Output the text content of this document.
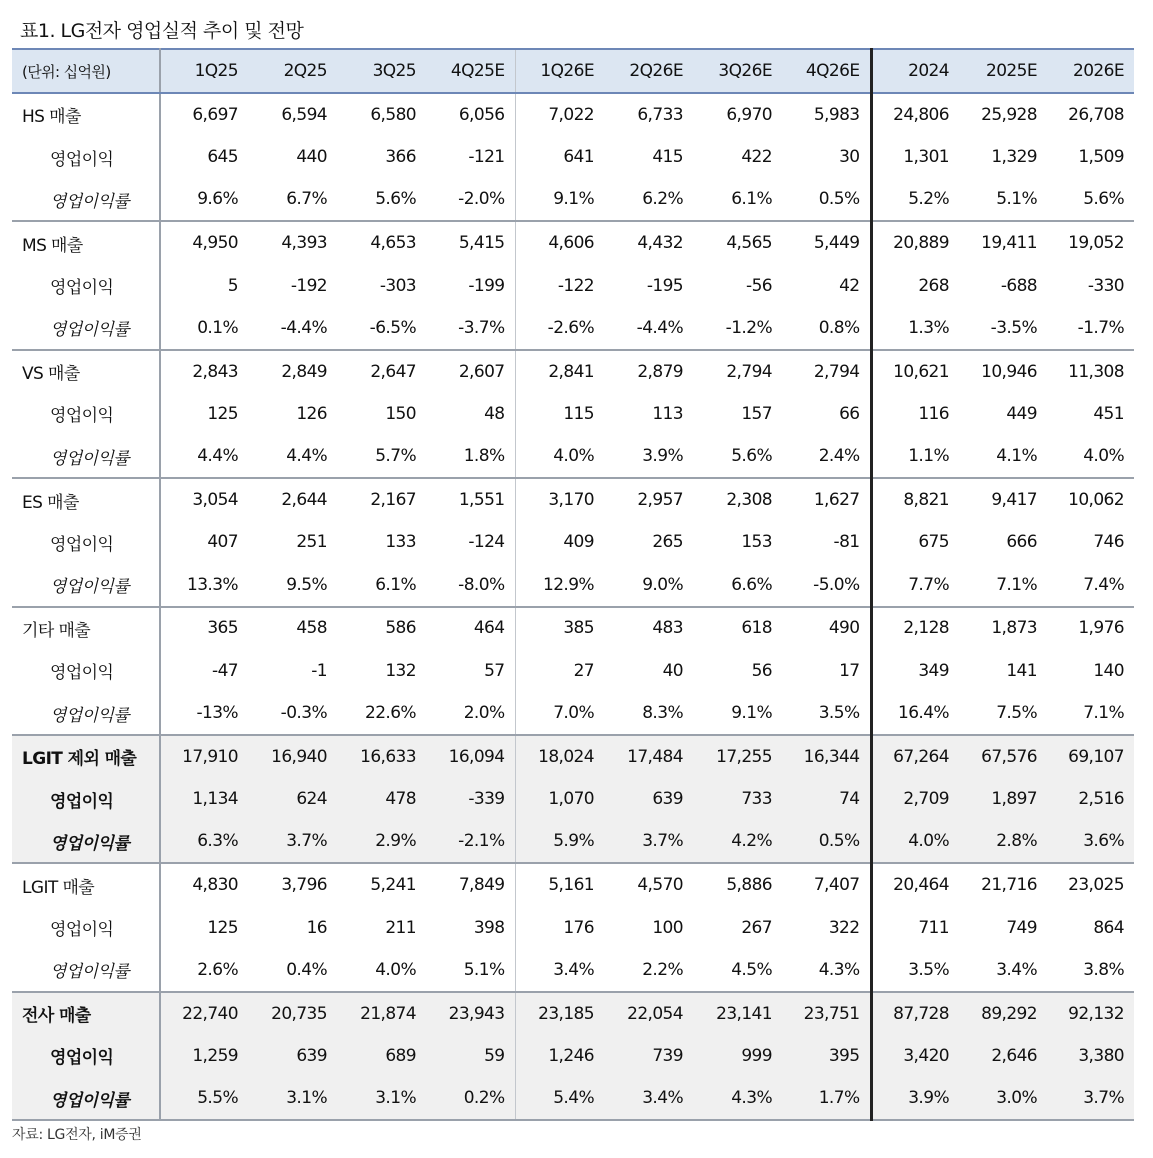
표1. LG전자 영업실적 추이 및 전망
(단위: 십억원)	1Q25	2Q25	3Q25	4Q25E	1Q26E	2Q26E	3Q26E	4Q26E	2024	2025E	2026E
HS 매출	6,697	6,594	6,580	6,056	7,022	6,733	6,970	5,983	24,806	25,928	26,708
영업이익	645	440	366	-121	641	415	422	30	1,301	1,329	1,509
영업이익률	9.6%	6.7%	5.6%	-2.0%	9.1%	6.2%	6.1%	0.5%	5.2%	5.1%	5.6%
MS 매출	4,950	4,393	4,653	5,415	4,606	4,432	4,565	5,449	20,889	19,411	19,052
영업이익	5	-192	-303	-199	-122	-195	-56	42	268	-688	-330
영업이익률	0.1%	-4.4%	-6.5%	-3.7%	-2.6%	-4.4%	-1.2%	0.8%	1.3%	-3.5%	-1.7%
VS 매출	2,843	2,849	2,647	2,607	2,841	2,879	2,794	2,794	10,621	10,946	11,308
영업이익	125	126	150	48	115	113	157	66	116	449	451
영업이익률	4.4%	4.4%	5.7%	1.8%	4.0%	3.9%	5.6%	2.4%	1.1%	4.1%	4.0%
ES 매출	3,054	2,644	2,167	1,551	3,170	2,957	2,308	1,627	8,821	9,417	10,062
영업이익	407	251	133	-124	409	265	153	-81	675	666	746
영업이익률	13.3%	9.5%	6.1%	-8.0%	12.9%	9.0%	6.6%	-5.0%	7.7%	7.1%	7.4%
기타 매출	365	458	586	464	385	483	618	490	2,128	1,873	1,976
영업이익	-47	-1	132	57	27	40	56	17	349	141	140
영업이익률	-13%	-0.3%	22.6%	2.0%	7.0%	8.3%	9.1%	3.5%	16.4%	7.5%	7.1%
LGIT 제외 매출	17,910	16,940	16,633	16,094	18,024	17,484	17,255	16,344	67,264	67,576	69,107
영업이익	1,134	624	478	-339	1,070	639	733	74	2,709	1,897	2,516
영업이익률	6.3%	3.7%	2.9%	-2.1%	5.9%	3.7%	4.2%	0.5%	4.0%	2.8%	3.6%
LGIT 매출	4,830	3,796	5,241	7,849	5,161	4,570	5,886	7,407	20,464	21,716	23,025
영업이익	125	16	211	398	176	100	267	322	711	749	864
영업이익률	2.6%	0.4%	4.0%	5.1%	3.4%	2.2%	4.5%	4.3%	3.5%	3.4%	3.8%
전사 매출	22,740	20,735	21,874	23,943	23,185	22,054	23,141	23,751	87,728	89,292	92,132
영업이익	1,259	639	689	59	1,246	739	999	395	3,420	2,646	3,380
영업이익률	5.5%	3.1%	3.1%	0.2%	5.4%	3.4%	4.3%	1.7%	3.9%	3.0%	3.7%
자료: LG전자, iM증권
